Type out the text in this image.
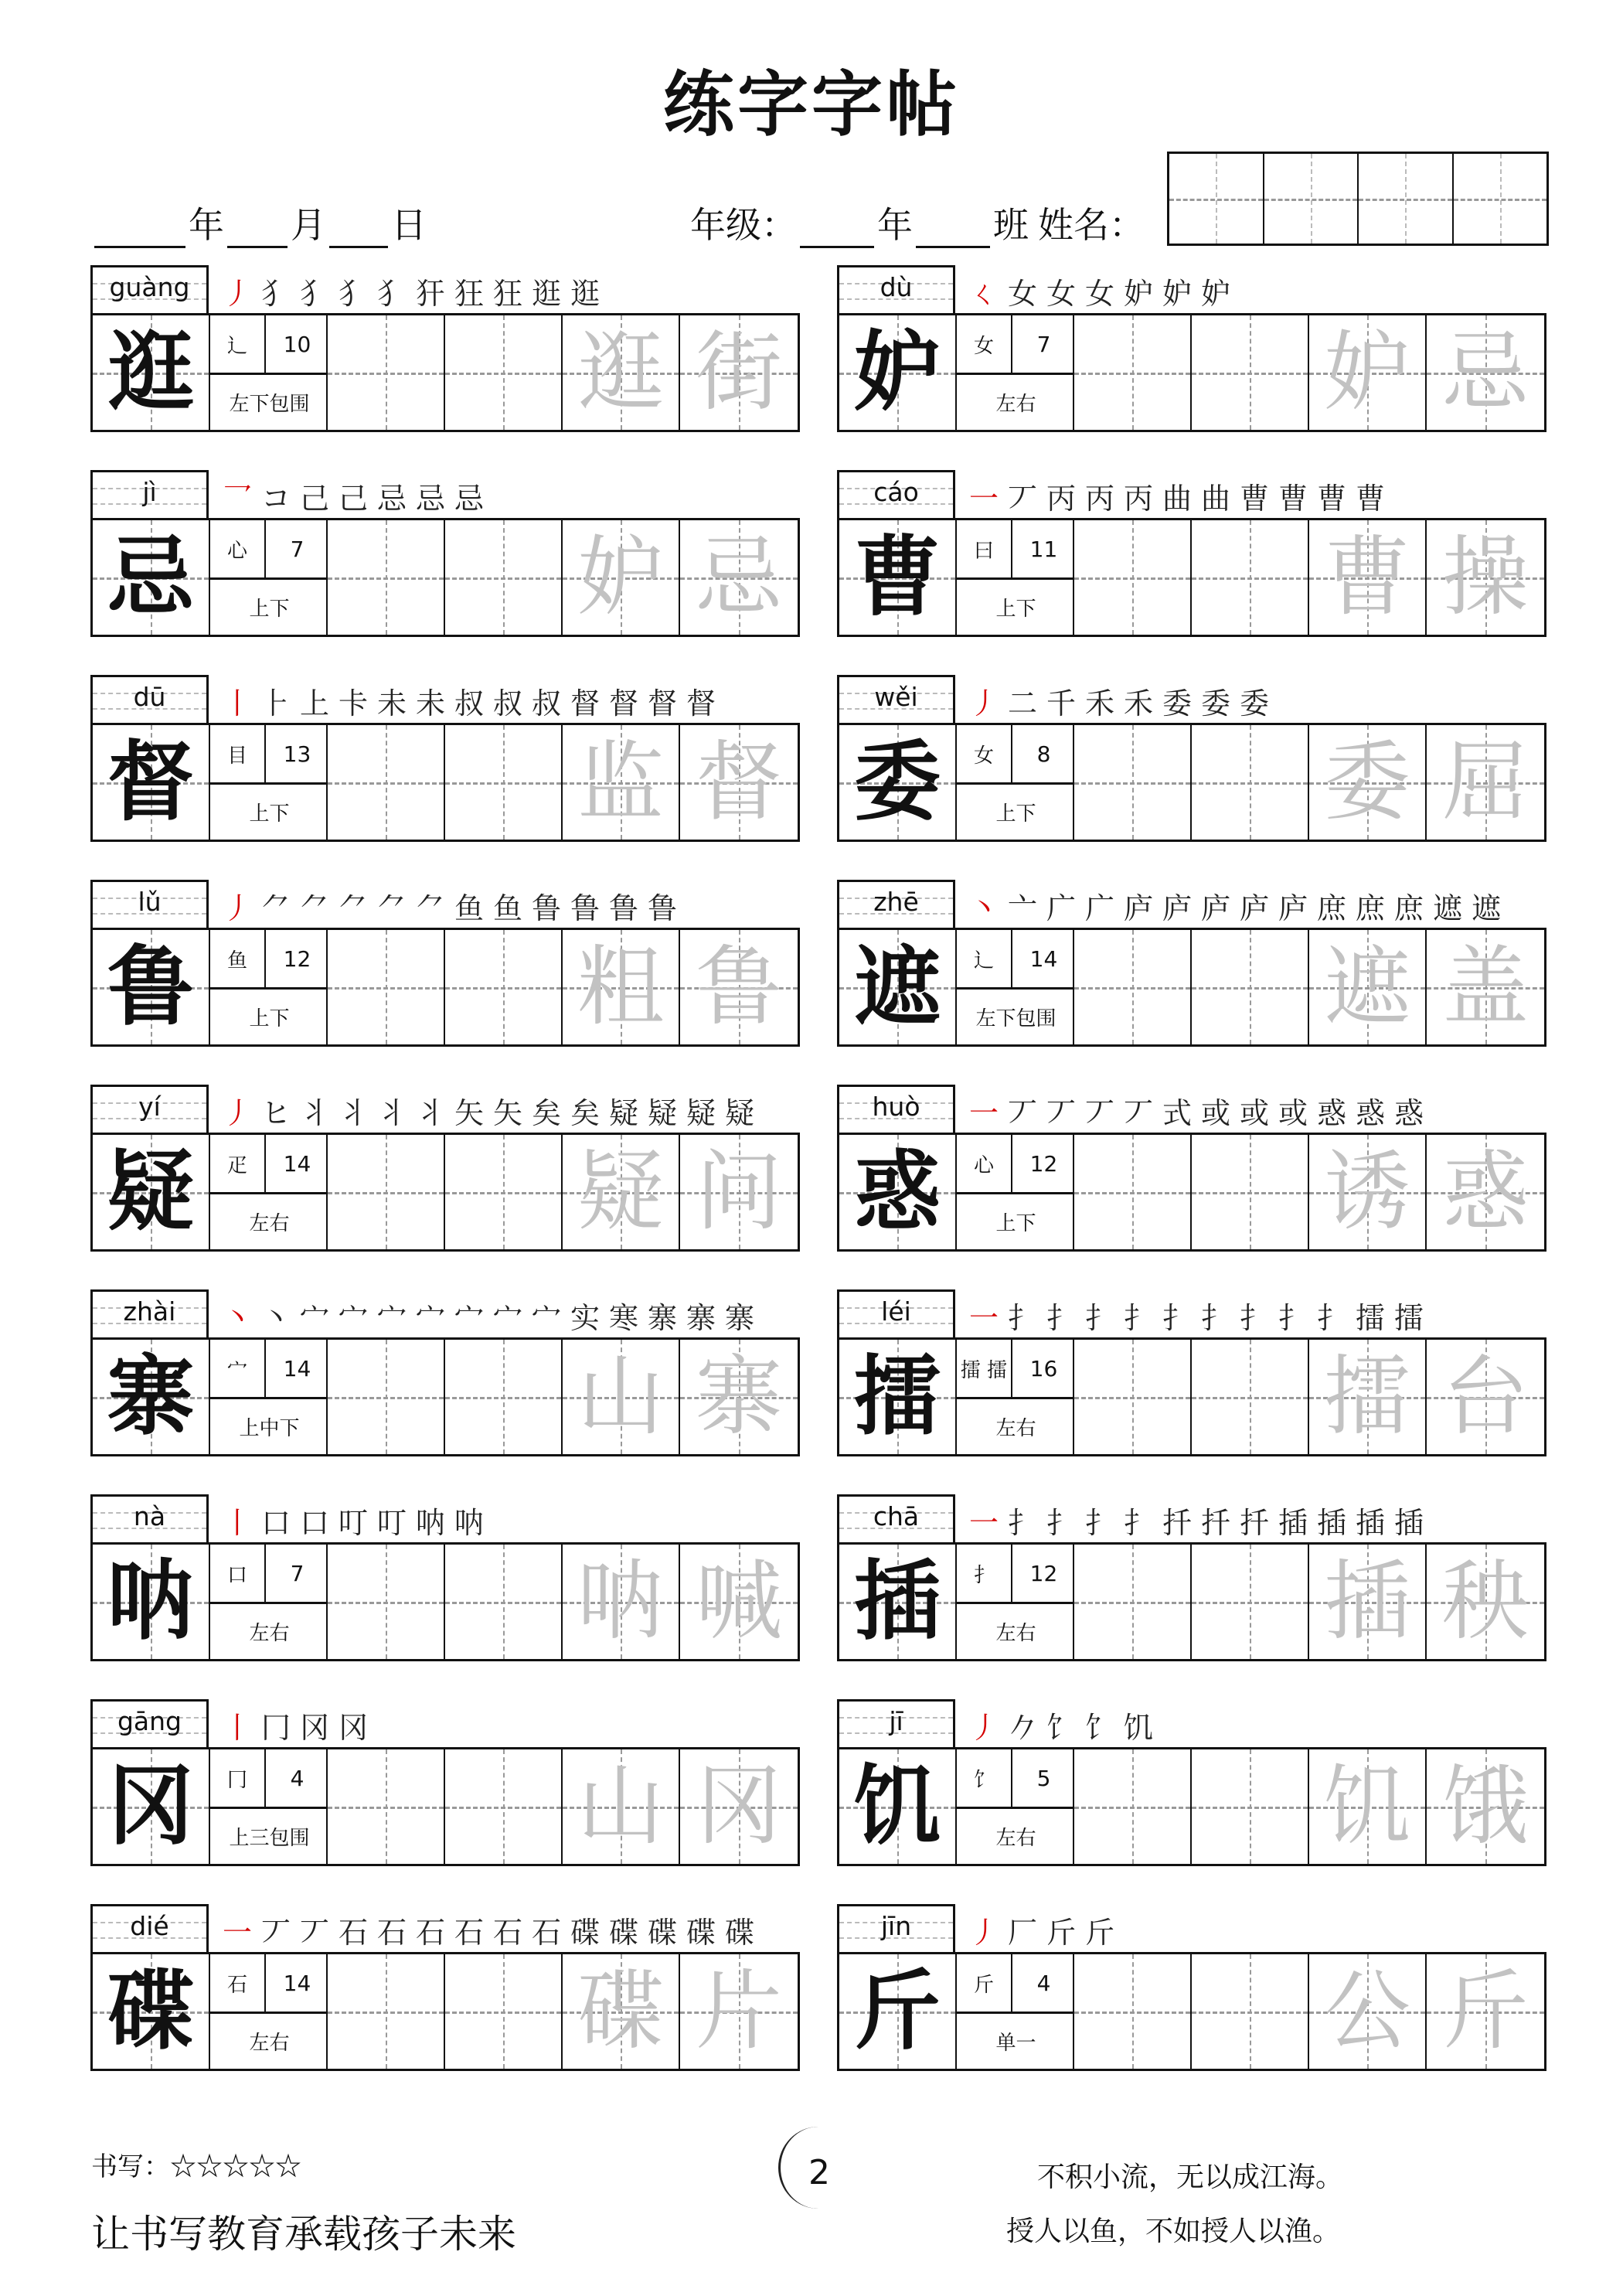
练字字帖
年 月 日	年级： 年 班 姓名：
guàng	丿 犭 犭 犭 犭 犴 狂 狂 逛 逛
逛	辶	10
左下包围	逛 街
jì	乛 コ 己 己 忌 忌 忌
忌	心	7
上下	妒 忌
dū	丨 ⺊ 上 卡 未 未 叔 叔 叔 督 督 督 督
督	目	13
上下	监 督
lǔ	丿 ⺈ ⺈ ⺈ ⺈ ⺈ 鱼 鱼 鲁 鲁 鲁 鲁
鲁	鱼	12
上下	粗 鲁
yí	丿 ヒ ⺦ ⺦ ⺦ ⺦ 矢 矢 矣 矣 疑 疑 疑 疑
疑	疋	14
左右	疑 问
zhài	丶 丶 宀 宀 宀 宀 宀 宀 宀 实 寒 寨 寨 寨
寨	宀	14
上中下	山 寨
nà	丨 口 口 叮 叮 呐 呐
呐	口	7
左右	呐 喊
gāng	丨 冂 冈 冈
冈	冂	4
上三包围	山 冈
dié	一 丆 丆 石 石 石 石 石 石 碟 碟 碟 碟 碟
碟	石	14
左右	碟 片
dù	ㄑ 女 女 女 妒 妒 妒
妒	女	7
左右	妒 忌
cáo	一 丆 丙 丙 丙 曲 曲 曹 曹 曹 曹
曹	曰	11
上下	曹 操
wěi	丿 二 千 禾 禾 委 委 委
委	女	8
上下	委 屈
zhē	丶 亠 广 广 庐 庐 庐 庐 庐 庶 庶 庶 遮 遮
遮	辶	14
左下包围	遮 盖
huò	一 丆 丆 丆 丆 式 或 或 或 惑 惑 惑
惑	心	12
上下	诱 惑
léi	一 扌 扌 扌 扌 扌 扌 扌 扌 扌 擂 擂
擂 擂 擂	16
左右	擂 台
chā	一 扌 扌 扌 扌 扦 扦 扦 插 插 插 插
插	扌	12
左右	插 秧
jī	丿 𠂊 饣 饣 饥
饥	饣	5
左右	饥 饿
jīn	丿 厂 斤 斤
斤	斤	4
单一	公 斤
书写：☆☆☆☆☆
让书写教育承载孩子未来
2	不积小流，无以成江海。
授人以鱼，不如授人以渔。
